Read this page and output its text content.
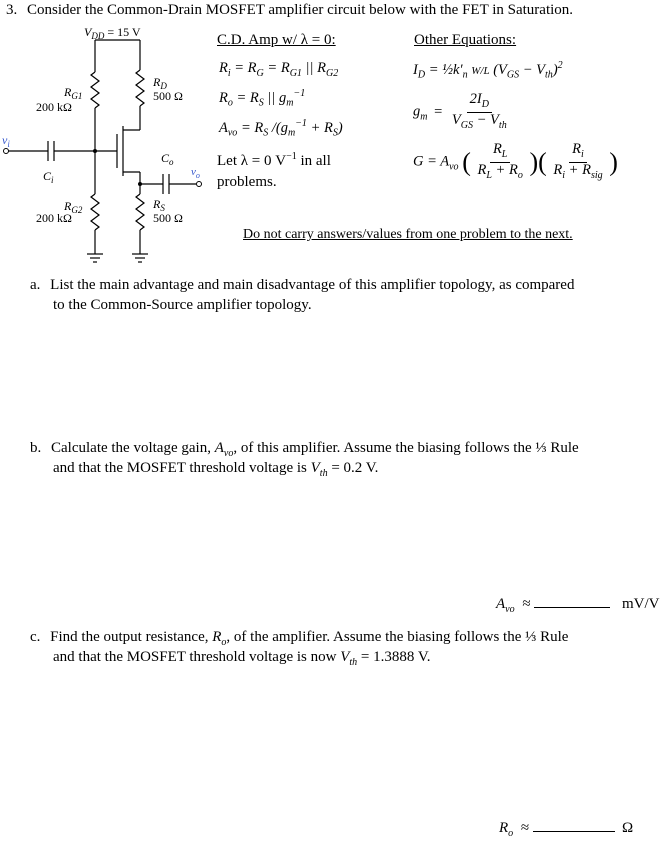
3. Consider the Common-Drain MOSFET amplifier circuit below with the FET in Saturation.
$V_{DD} = 15$ V
$R_{G1}$
200 kΩ
$R_D$
500 Ω
$v_i$
$C_i$
$C_o$
$v_o$
$R_{G2}$
200 kΩ
$R_S$
500 Ω
C.D. Amp w/ λ = 0:
$R_i = R_G = R_{G1}$ || $R_{G2}$
$R_o = R_S$ || $g_m^{-1}$
$A_{vo} = R_S$ $/(g_m^{-1} + R_S)$
Let λ = 0 $V^{-1}$ in all
problems.
Other Equations:
$I_D$ = $\frac{1}{2}k'_n$ W/L $(V_{GS} - V_{th})^2$
$g_m = \frac{2I_D}{V_{GS} - V_{th}}$
$G = A_{vo}$ ( $\frac{R_L}{R_L + R_o}$ )( $\frac{R_i}{R_i + R_{sig}}$ )
Do not carry answers/values from one problem to the next.
a. List the main advantage and main disadvantage of this amplifier topology, as compared
to the Common-Source amplifier topology.
b. Calculate the voltage gain, $A_{vo}$, of this amplifier. Assume the biasing follows the ⅓ Rule
and that the MOSFET threshold voltage is $V_{th} = 0.2$ V.
$A_{vo}$ ≈	mV/V
c. Find the output resistance, $R_o$, of the amplifier. Assume the biasing follows the ⅓ Rule
and that the MOSFET threshold voltage is now $V_{th} = 1.3888$ V.
$R_o$ ≈	Ω
